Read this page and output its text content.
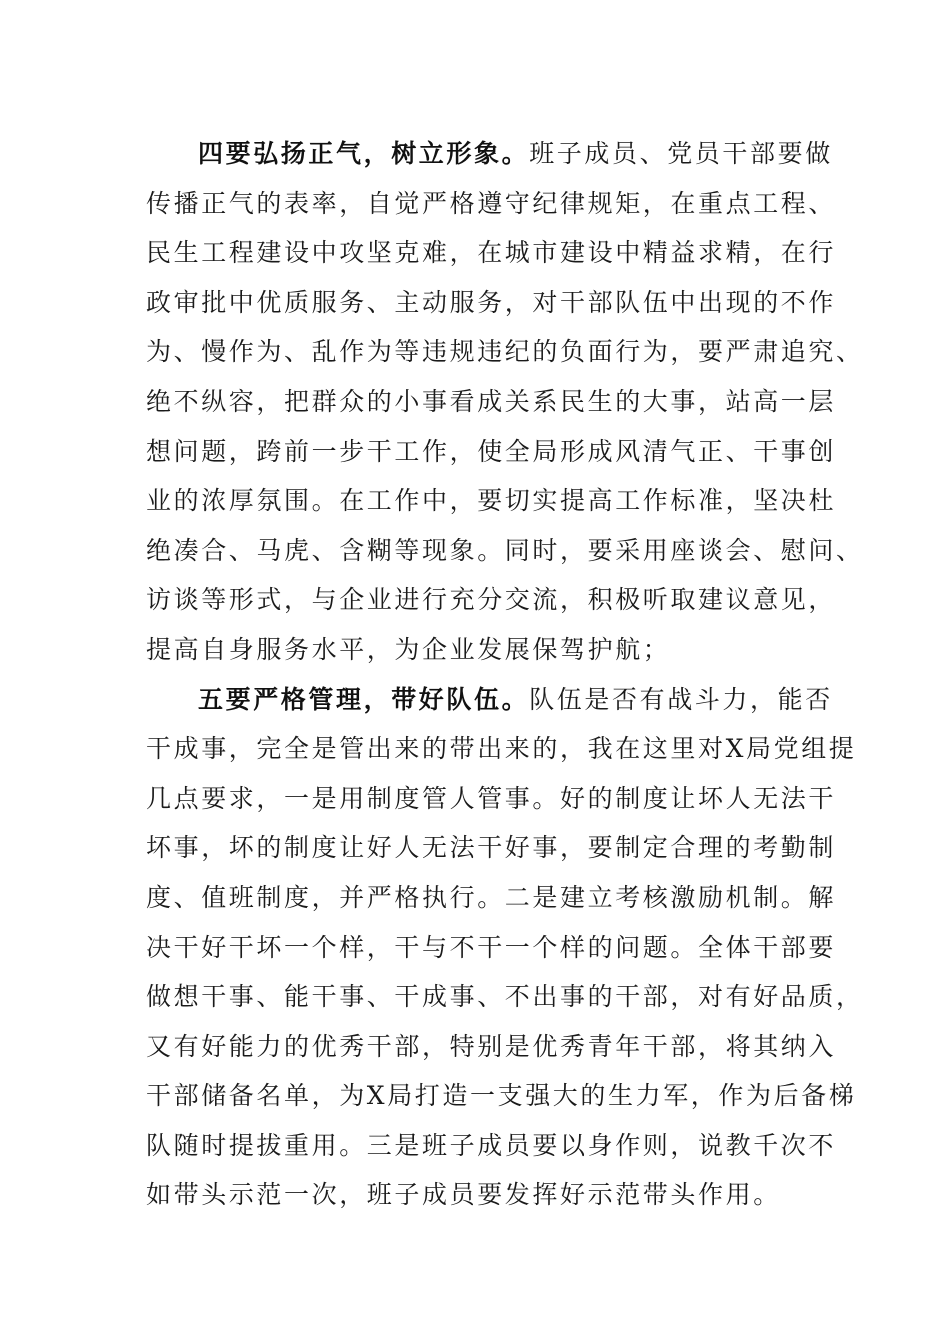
四要弘扬正气，树立形象。班子成员、党员干部要做
传播正气的表率，自觉严格遵守纪律规矩，在重点工程、
民生工程建设中攻坚克难，在城市建设中精益求精，在行
政审批中优质服务、主动服务，对干部队伍中出现的不作
为、慢作为、乱作为等违规违纪的负面行为，要严肃追究、
绝不纵容，把群众的小事看成关系民生的大事，站高一层
想问题，跨前一步干工作，使全局形成风清气正、干事创
业的浓厚氛围。在工作中，要切实提高工作标准，坚决杜
绝凑合、马虎、含糊等现象。同时，要采用座谈会、慰问、
访谈等形式，与企业进行充分交流，积极听取建议意见，
提高自身服务水平，为企业发展保驾护航；
五要严格管理，带好队伍。队伍是否有战斗力，能否
干成事，完全是管出来的带出来的，我在这里对X局党组提
几点要求，一是用制度管人管事。好的制度让坏人无法干
坏事，坏的制度让好人无法干好事，要制定合理的考勤制
度、值班制度，并严格执行。二是建立考核激励机制。解
决干好干坏一个样，干与不干一个样的问题。全体干部要
做想干事、能干事、干成事、不出事的干部，对有好品质，
又有好能力的优秀干部，特别是优秀青年干部，将其纳入
干部储备名单，为X局打造一支强大的生力军，作为后备梯
队随时提拔重用。三是班子成员要以身作则，说教千次不
如带头示范一次，班子成员要发挥好示范带头作用。
